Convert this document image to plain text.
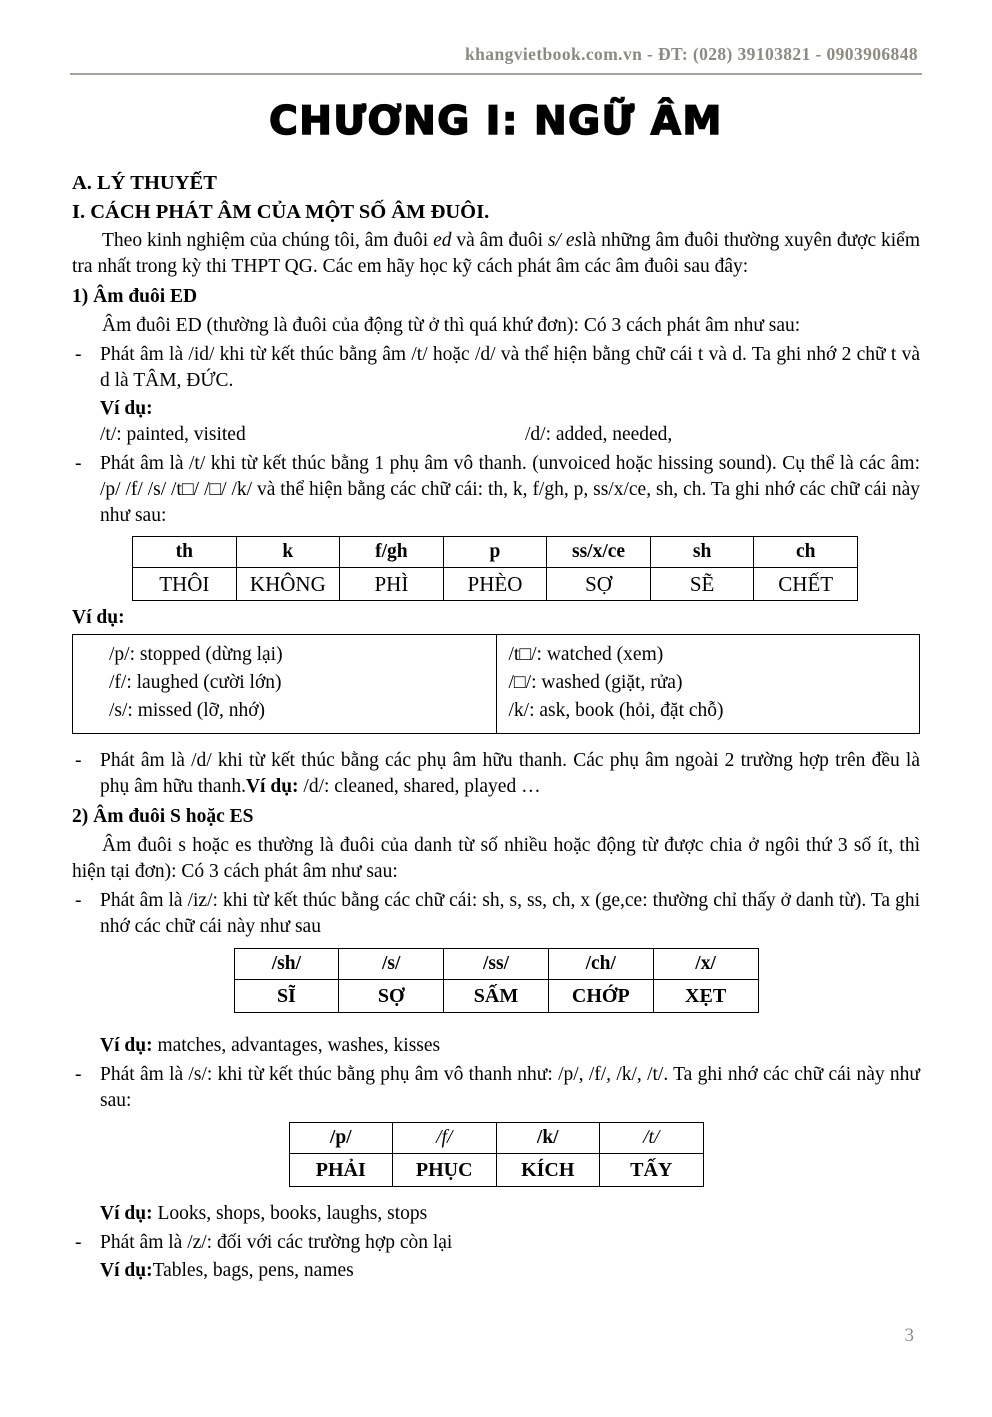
khangvietbook.com.vn - ĐT: (028) 39103821 - 0903906848
CHƯƠNG I: NGỮ ÂM
A. LÝ THUYẾT
I. CÁCH PHÁT ÂM CỦA MỘT SỐ ÂM ĐUÔI.

Theo kinh nghiệm của chúng tôi, âm đuôi ed và âm đuôi s/ eslà những âm đuôi thường xuyên được kiểm tra nhất trong kỳ thi THPT QG. Các em hãy học kỹ cách phát âm các âm đuôi sau đây:

1) Âm đuôi ED

Âm đuôi ED (thường là đuôi của động từ ở thì quá khứ đơn): Có 3 cách phát âm như sau:

- Phát âm là /id/ khi từ kết thúc bằng âm /t/ hoặc /d/ và thể hiện bằng chữ cái t và d. Ta ghi nhớ 2 chữ t và d là TÂM, ĐỨC.
Ví dụ:
/t/: painted, visited	/d/: added, needed,
- Phát âm là /t/ khi từ kết thúc bằng 1 phụ âm vô thanh. (unvoiced hoặc hissing sound). Cụ thể là các âm: /p/ /f/ /s/ /t□/ /□/ /k/ và thể hiện bằng các chữ cái: th, k, f/gh, p, ss/x/ce, sh, ch. Ta ghi nhớ các chữ cái này như sau:
th	k	f/gh	p	ss/x/ce	sh	ch
THÔI	KHÔNG	PHÌ	PHÈO	SỢ	SẼ	CHẾT
Ví dụ:
/p/: stopped (dừng lại)
/f/: laughed (cười lớn)
/s/: missed (lỡ, nhớ)

/t□/: watched (xem)
/□/: washed (giặt, rửa)
/k/: ask, book (hỏi, đặt chỗ)
- Phát âm là /d/ khi từ kết thúc bằng các phụ âm hữu thanh. Các phụ âm ngoài 2 trường hợp trên đều là phụ âm hữu thanh.Ví dụ: /d/: cleaned, shared, played …
2) Âm đuôi S hoặc ES

Âm đuôi s hoặc es thường là đuôi của danh từ số nhiều hoặc động từ được chia ở ngôi thứ 3 số ít, thì hiện tại đơn): Có 3 cách phát âm như sau:

- Phát âm là /iz/: khi từ kết thúc bằng các chữ cái: sh, s, ss, ch, x (ge,ce: thường chỉ thấy ở danh từ). Ta ghi nhớ các chữ cái này như sau
/sh/	/s/	/ss/	/ch/	/x/
SĨ	SỢ	SẤM	CHỚP	XẸT
Ví dụ: matches, advantages, washes, kisses
- Phát âm là /s/: khi từ kết thúc bằng phụ âm vô thanh như: /p/, /f/, /k/, /t/. Ta ghi nhớ các chữ cái này như sau:
/p/	/f/	/k/	/t/
PHẢI	PHỤC	KÍCH	TẤY
Ví dụ: Looks, shops, books, laughs, stops
- Phát âm là /z/: đối với các trường hợp còn lại
Ví dụ:Tables, bags, pens, names
3
